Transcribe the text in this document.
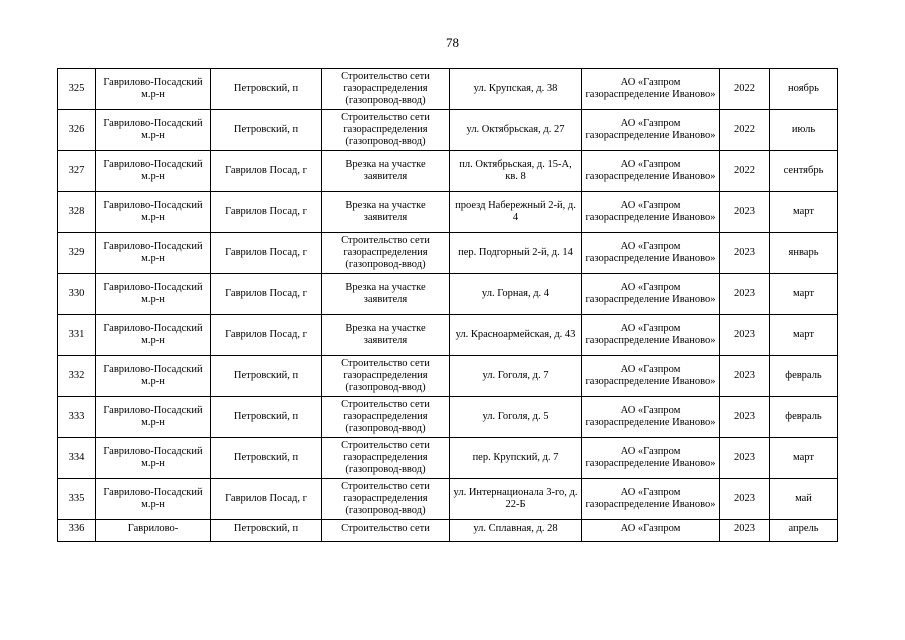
78
325	Гаврилово-Посадский м.р-н	Петровский, п	Строительство сети газораспределения (газопровод-ввод)	ул. Крупская, д. 38	АО «Газпром газораспределение Иваново»	2022	ноябрь
326	Гаврилово-Посадский м.р-н	Петровский, п	Строительство сети газораспределения (газопровод-ввод)	ул. Октябрьская, д. 27	АО «Газпром газораспределение Иваново»	2022	июль
327	Гаврилово-Посадский м.р-н	Гаврилов Посад, г	Врезка на участке заявителя	пл. Октябрьская, д. 15-А, кв. 8	АО «Газпром газораспределение Иваново»	2022	сентябрь
328	Гаврилово-Посадский м.р-н	Гаврилов Посад, г	Врезка на участке заявителя	проезд Набережный 2-й, д. 4	АО «Газпром газораспределение Иваново»	2023	март
329	Гаврилово-Посадский м.р-н	Гаврилов Посад, г	Строительство сети газораспределения (газопровод-ввод)	пер. Подгорный 2-й, д. 14	АО «Газпром газораспределение Иваново»	2023	январь
330	Гаврилово-Посадский м.р-н	Гаврилов Посад, г	Врезка на участке заявителя	ул. Горная, д. 4	АО «Газпром газораспределение Иваново»	2023	март
331	Гаврилово-Посадский м.р-н	Гаврилов Посад, г	Врезка на участке заявителя	ул. Красноармейская, д. 43	АО «Газпром газораспределение Иваново»	2023	март
332	Гаврилово-Посадский м.р-н	Петровский, п	Строительство сети газораспределения (газопровод-ввод)	ул. Гоголя, д. 7	АО «Газпром газораспределение Иваново»	2023	февраль
333	Гаврилово-Посадский м.р-н	Петровский, п	Строительство сети газораспределения (газопровод-ввод)	ул. Гоголя, д. 5	АО «Газпром газораспределение Иваново»	2023	февраль
334	Гаврилово-Посадский м.р-н	Петровский, п	Строительство сети газораспределения (газопровод-ввод)	пер. Крупский, д. 7	АО «Газпром газораспределение Иваново»	2023	март
335	Гаврилово-Посадский м.р-н	Гаврилов Посад, г	Строительство сети газораспределения (газопровод-ввод)	ул. Интернационала 3-го, д. 22-Б	АО «Газпром газораспределение Иваново»	2023	май
336	Гаврилово-	Петровский, п	Строительство сети	ул. Сплавная, д. 28	АО «Газпром	2023	апрель
